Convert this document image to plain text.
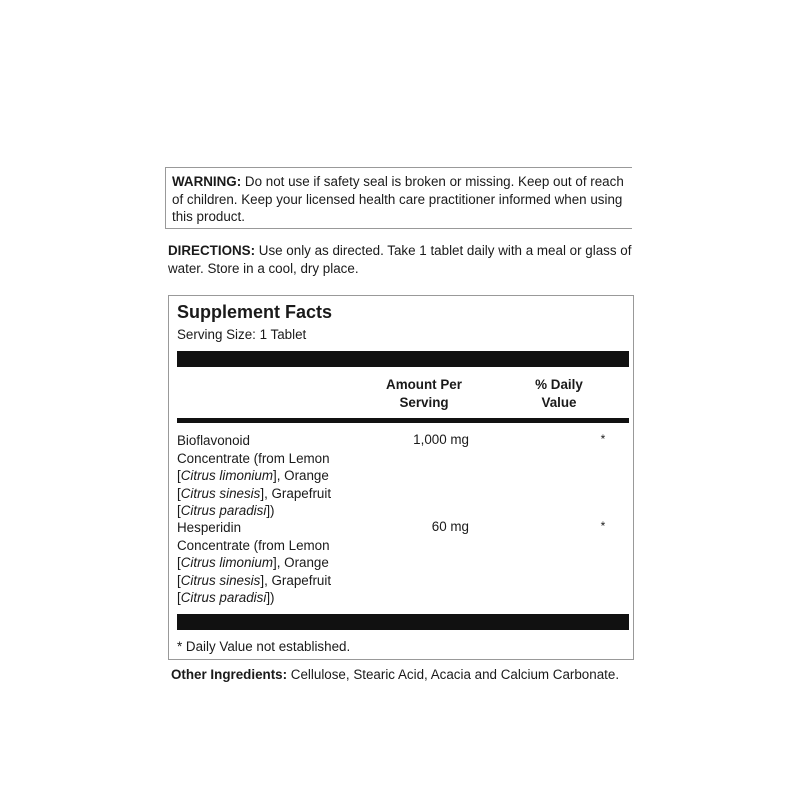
WARNING: Do not use if safety seal is broken or missing. Keep out of reach of children. Keep your licensed health care practitioner informed when using this product.
DIRECTIONS: Use only as directed. Take 1 tablet daily with a meal or glass of water. Store in a cool, dry place.
Supplement Facts
Serving Size: 1 Tablet
Amount Per
Serving
% Daily
Value
Bioflavonoid
Concentrate (from Lemon
[Citrus limonium], Orange
[Citrus sinesis], Grapefruit
[Citrus paradisi])
1,000 mg	*
Hesperidin
Concentrate (from Lemon
[Citrus limonium], Orange
[Citrus sinesis], Grapefruit
[Citrus paradisi])
60 mg	*
* Daily Value not established.
Other Ingredients: Cellulose, Stearic Acid, Acacia and Calcium Carbonate.
